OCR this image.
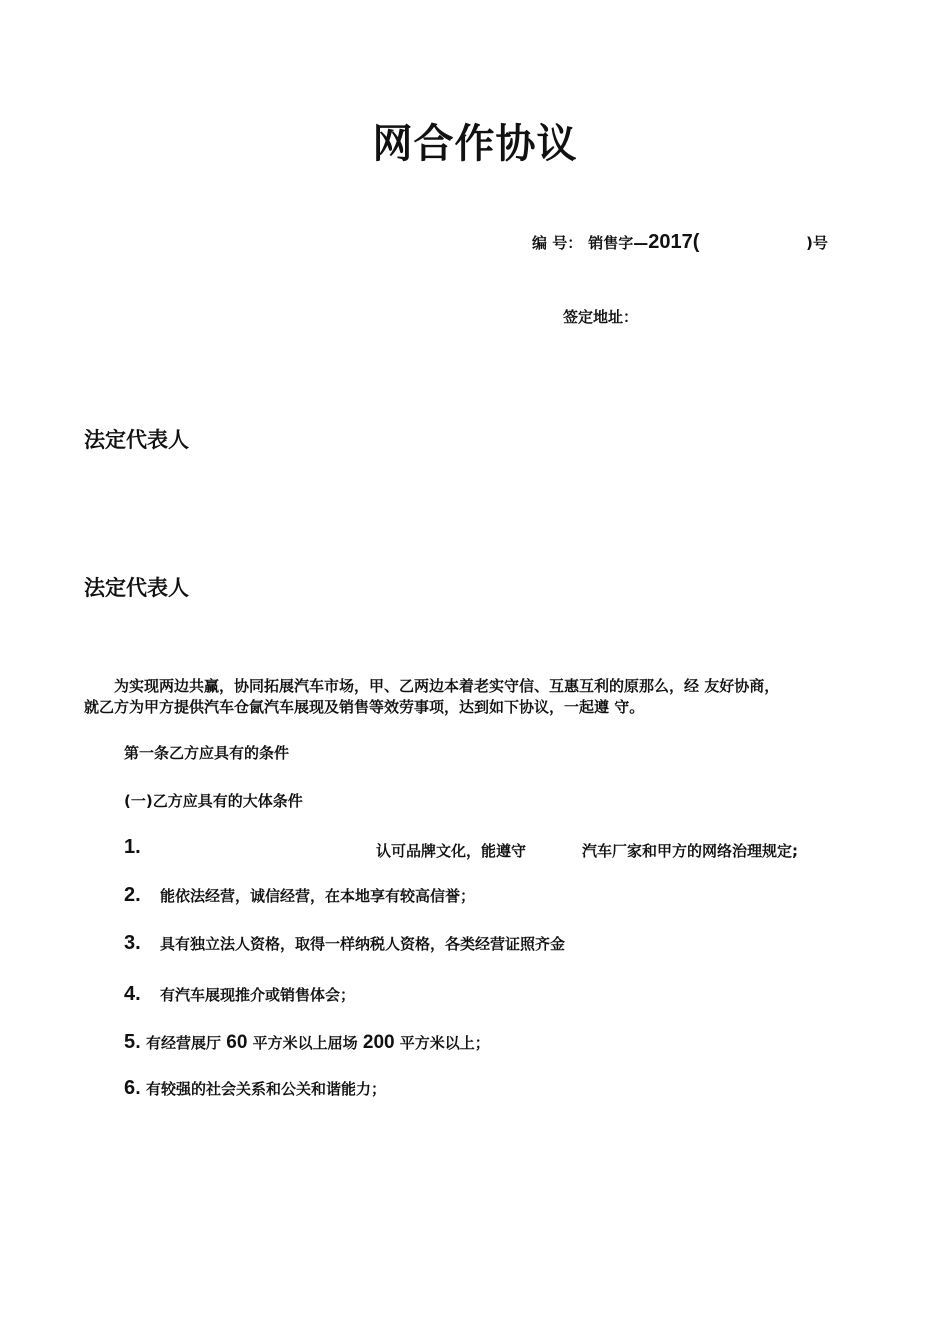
网合作协议
编 号： 销售字—2017(	)号
签定地址：
法定代表人
法定代表人
为实现两边共赢，协同拓展汽车市场，甲、乙两边本着老实守信、互惠互利的原那么，经 友好协商，
就乙方为甲方提供汽车仓氤汽车展现及销售等效劳事项，达到如下协议，一起遵 守。
第一条乙方应具有的条件
(一)乙方应具有的大体条件
1.	认可品牌文化，能遵守	汽车厂家和甲方的网络治理规定;
2. 能依法经营，诚信经营，在本地享有较高信誉；
3. 具有独立法人资格，取得一样纳税人资格，各类经营证照齐金
4. 有汽车展现推介或销售体会；
5. 有经营展厅 60 平方米以上屈场 200 平方米以上；
6. 有较强的社会关系和公关和谐能力；
